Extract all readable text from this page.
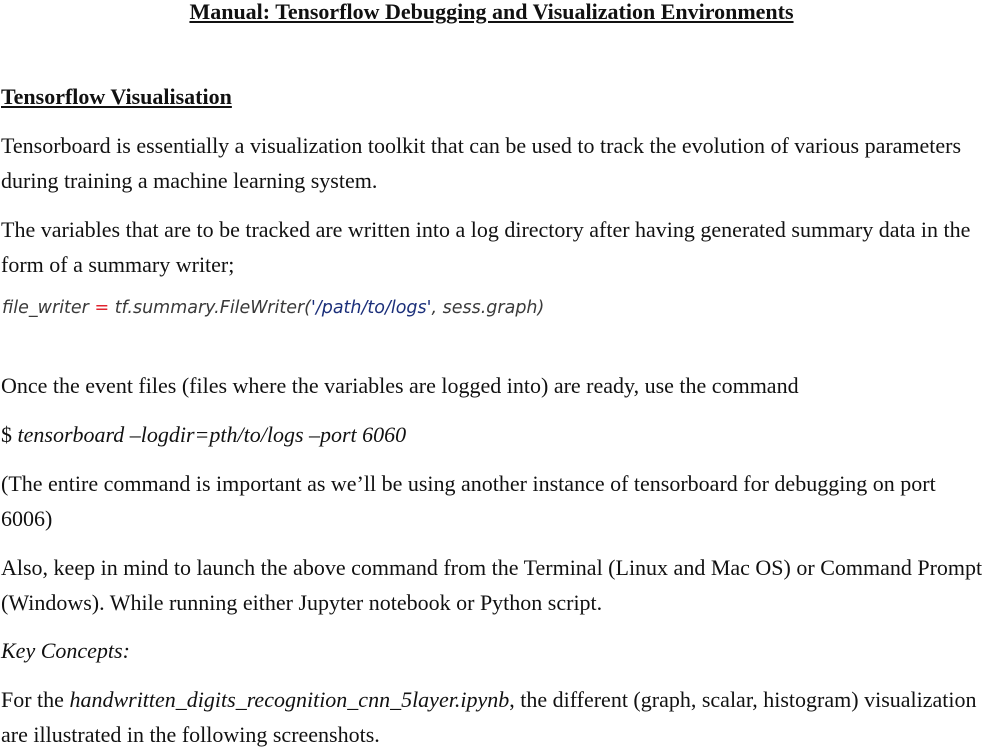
Manual: Tensorflow Debugging and Visualization Environments
Tensorflow Visualisation

Tensorboard is essentially a visualization toolkit that can be used to track the evolution of various parameters during training a machine learning system.

The variables that are to be tracked are written into a log directory after having generated summary data in the form of a summary writer;

file_writer = tf.summary.FileWriter('/path/to/logs', sess.graph)

Once the event files (files where the variables are logged into) are ready, use the command

$ tensorboard –logdir=pth/to/logs –port 6060

(The entire command is important as we’ll be using another instance of tensorboard for debugging on port 6006)

Also, keep in mind to launch the above command from the Terminal (Linux and Mac OS) or Command Prompt (Windows). While running either Jupyter notebook or Python script.

Key Concepts:

For the handwritten_digits_recognition_cnn_5layer.ipynb, the different (graph, scalar, histogram) visualization are illustrated in the following screenshots.
